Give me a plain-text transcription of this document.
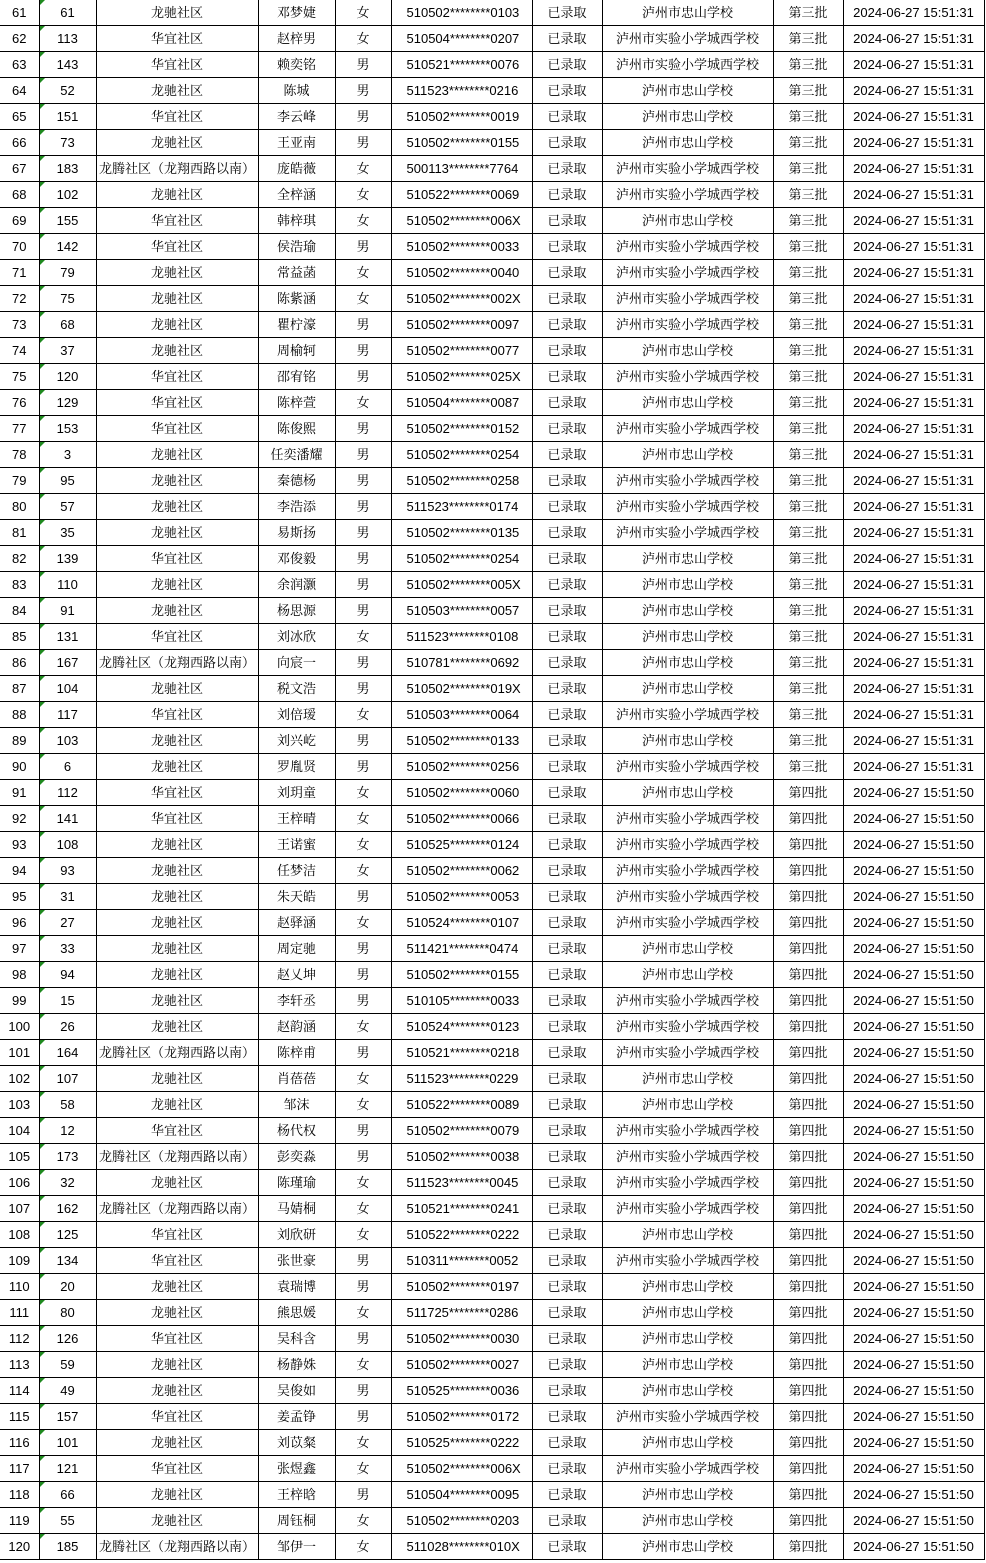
61	61	龙驰社区	邓梦婕	女	510502********0103	已录取	泸州市忠山学校	第三批	2024-06-27 15:51:31
62	113	华宜社区	赵梓男	女	510504********0207	已录取	泸州市实验小学城西学校	第三批	2024-06-27 15:51:31
63	143	华宜社区	赖奕铭	男	510521********0076	已录取	泸州市实验小学城西学校	第三批	2024-06-27 15:51:31
64	52	龙驰社区	陈城	男	511523********0216	已录取	泸州市忠山学校	第三批	2024-06-27 15:51:31
65	151	华宜社区	李云峰	男	510502********0019	已录取	泸州市忠山学校	第三批	2024-06-27 15:51:31
66	73	龙驰社区	王亚南	男	510502********0155	已录取	泸州市忠山学校	第三批	2024-06-27 15:51:31
67	183	龙腾社区（龙翔西路以南）	庞皓薇	女	500113********7764	已录取	泸州市实验小学城西学校	第三批	2024-06-27 15:51:31
68	102	龙驰社区	全梓涵	女	510522********0069	已录取	泸州市实验小学城西学校	第三批	2024-06-27 15:51:31
69	155	华宜社区	韩梓琪	女	510502********006X	已录取	泸州市忠山学校	第三批	2024-06-27 15:51:31
70	142	华宜社区	侯浩瑜	男	510502********0033	已录取	泸州市实验小学城西学校	第三批	2024-06-27 15:51:31
71	79	龙驰社区	常益菡	女	510502********0040	已录取	泸州市实验小学城西学校	第三批	2024-06-27 15:51:31
72	75	龙驰社区	陈紫涵	女	510502********002X	已录取	泸州市实验小学城西学校	第三批	2024-06-27 15:51:31
73	68	龙驰社区	瞿柠濠	男	510502********0097	已录取	泸州市实验小学城西学校	第三批	2024-06-27 15:51:31
74	37	龙驰社区	周榆轲	男	510502********0077	已录取	泸州市忠山学校	第三批	2024-06-27 15:51:31
75	120	华宜社区	邵宥铭	男	510502********025X	已录取	泸州市实验小学城西学校	第三批	2024-06-27 15:51:31
76	129	华宜社区	陈梓萱	女	510504********0087	已录取	泸州市忠山学校	第三批	2024-06-27 15:51:31
77	153	华宜社区	陈俊熙	男	510502********0152	已录取	泸州市实验小学城西学校	第三批	2024-06-27 15:51:31
78	3	龙驰社区	任奕潘耀	男	510502********0254	已录取	泸州市忠山学校	第三批	2024-06-27 15:51:31
79	95	龙驰社区	秦德杨	男	510502********0258	已录取	泸州市实验小学城西学校	第三批	2024-06-27 15:51:31
80	57	龙驰社区	李浩添	男	511523********0174	已录取	泸州市实验小学城西学校	第三批	2024-06-27 15:51:31
81	35	龙驰社区	易斯扬	男	510502********0135	已录取	泸州市实验小学城西学校	第三批	2024-06-27 15:51:31
82	139	华宜社区	邓俊毅	男	510502********0254	已录取	泸州市忠山学校	第三批	2024-06-27 15:51:31
83	110	龙驰社区	余润灏	男	510502********005X	已录取	泸州市忠山学校	第三批	2024-06-27 15:51:31
84	91	龙驰社区	杨思源	男	510503********0057	已录取	泸州市忠山学校	第三批	2024-06-27 15:51:31
85	131	华宜社区	刘冰欣	女	511523********0108	已录取	泸州市忠山学校	第三批	2024-06-27 15:51:31
86	167	龙腾社区（龙翔西路以南）	向宸一	男	510781********0692	已录取	泸州市忠山学校	第三批	2024-06-27 15:51:31
87	104	龙驰社区	税文浩	男	510502********019X	已录取	泸州市忠山学校	第三批	2024-06-27 15:51:31
88	117	华宜社区	刘倍瑷	女	510503********0064	已录取	泸州市实验小学城西学校	第三批	2024-06-27 15:51:31
89	103	龙驰社区	刘兴屹	男	510502********0133	已录取	泸州市忠山学校	第三批	2024-06-27 15:51:31
90	6	龙驰社区	罗胤贤	男	510502********0256	已录取	泸州市实验小学城西学校	第三批	2024-06-27 15:51:31
91	112	华宜社区	刘玥童	女	510502********0060	已录取	泸州市忠山学校	第四批	2024-06-27 15:51:50
92	141	华宜社区	王梓晴	女	510502********0066	已录取	泸州市实验小学城西学校	第四批	2024-06-27 15:51:50
93	108	龙驰社区	王诺蜜	女	510525********0124	已录取	泸州市实验小学城西学校	第四批	2024-06-27 15:51:50
94	93	龙驰社区	任梦洁	女	510502********0062	已录取	泸州市实验小学城西学校	第四批	2024-06-27 15:51:50
95	31	龙驰社区	朱天皓	男	510502********0053	已录取	泸州市实验小学城西学校	第四批	2024-06-27 15:51:50
96	27	龙驰社区	赵驿涵	女	510524********0107	已录取	泸州市实验小学城西学校	第四批	2024-06-27 15:51:50
97	33	龙驰社区	周定驰	男	511421********0474	已录取	泸州市忠山学校	第四批	2024-06-27 15:51:50
98	94	龙驰社区	赵乂坤	男	510502********0155	已录取	泸州市忠山学校	第四批	2024-06-27 15:51:50
99	15	龙驰社区	李轩丞	男	510105********0033	已录取	泸州市实验小学城西学校	第四批	2024-06-27 15:51:50
100	26	龙驰社区	赵韵涵	女	510524********0123	已录取	泸州市实验小学城西学校	第四批	2024-06-27 15:51:50
101	164	龙腾社区（龙翔西路以南）	陈梓甫	男	510521********0218	已录取	泸州市实验小学城西学校	第四批	2024-06-27 15:51:50
102	107	龙驰社区	肖蓓蓓	女	511523********0229	已录取	泸州市忠山学校	第四批	2024-06-27 15:51:50
103	58	龙驰社区	邹沫	女	510522********0089	已录取	泸州市忠山学校	第四批	2024-06-27 15:51:50
104	12	华宜社区	杨代权	男	510502********0079	已录取	泸州市实验小学城西学校	第四批	2024-06-27 15:51:50
105	173	龙腾社区（龙翔西路以南）	彭奕淼	男	510502********0038	已录取	泸州市实验小学城西学校	第四批	2024-06-27 15:51:50
106	32	龙驰社区	陈瑾瑜	女	511523********0045	已录取	泸州市实验小学城西学校	第四批	2024-06-27 15:51:50
107	162	龙腾社区（龙翔西路以南）	马婧桐	女	510521********0241	已录取	泸州市实验小学城西学校	第四批	2024-06-27 15:51:50
108	125	华宜社区	刘欣研	女	510522********0222	已录取	泸州市忠山学校	第四批	2024-06-27 15:51:50
109	134	华宜社区	张世豪	男	510311********0052	已录取	泸州市实验小学城西学校	第四批	2024-06-27 15:51:50
110	20	龙驰社区	袁瑞博	男	510502********0197	已录取	泸州市忠山学校	第四批	2024-06-27 15:51:50
111	80	龙驰社区	熊思媛	女	511725********0286	已录取	泸州市忠山学校	第四批	2024-06-27 15:51:50
112	126	华宜社区	吴科含	男	510502********0030	已录取	泸州市忠山学校	第四批	2024-06-27 15:51:50
113	59	龙驰社区	杨静姝	女	510502********0027	已录取	泸州市忠山学校	第四批	2024-06-27 15:51:50
114	49	龙驰社区	吴俊如	男	510525********0036	已录取	泸州市忠山学校	第四批	2024-06-27 15:51:50
115	157	华宜社区	姜孟铮	男	510502********0172	已录取	泸州市实验小学城西学校	第四批	2024-06-27 15:51:50
116	101	龙驰社区	刘苡粲	女	510525********0222	已录取	泸州市忠山学校	第四批	2024-06-27 15:51:50
117	121	华宜社区	张煜鑫	女	510502********006X	已录取	泸州市实验小学城西学校	第四批	2024-06-27 15:51:50
118	66	龙驰社区	王梓晗	男	510504********0095	已录取	泸州市忠山学校	第四批	2024-06-27 15:51:50
119	55	龙驰社区	周钰桐	女	510502********0203	已录取	泸州市忠山学校	第四批	2024-06-27 15:51:50
120	185	龙腾社区（龙翔西路以南）	邹伊一	女	511028********010X	已录取	泸州市忠山学校	第四批	2024-06-27 15:51:50
